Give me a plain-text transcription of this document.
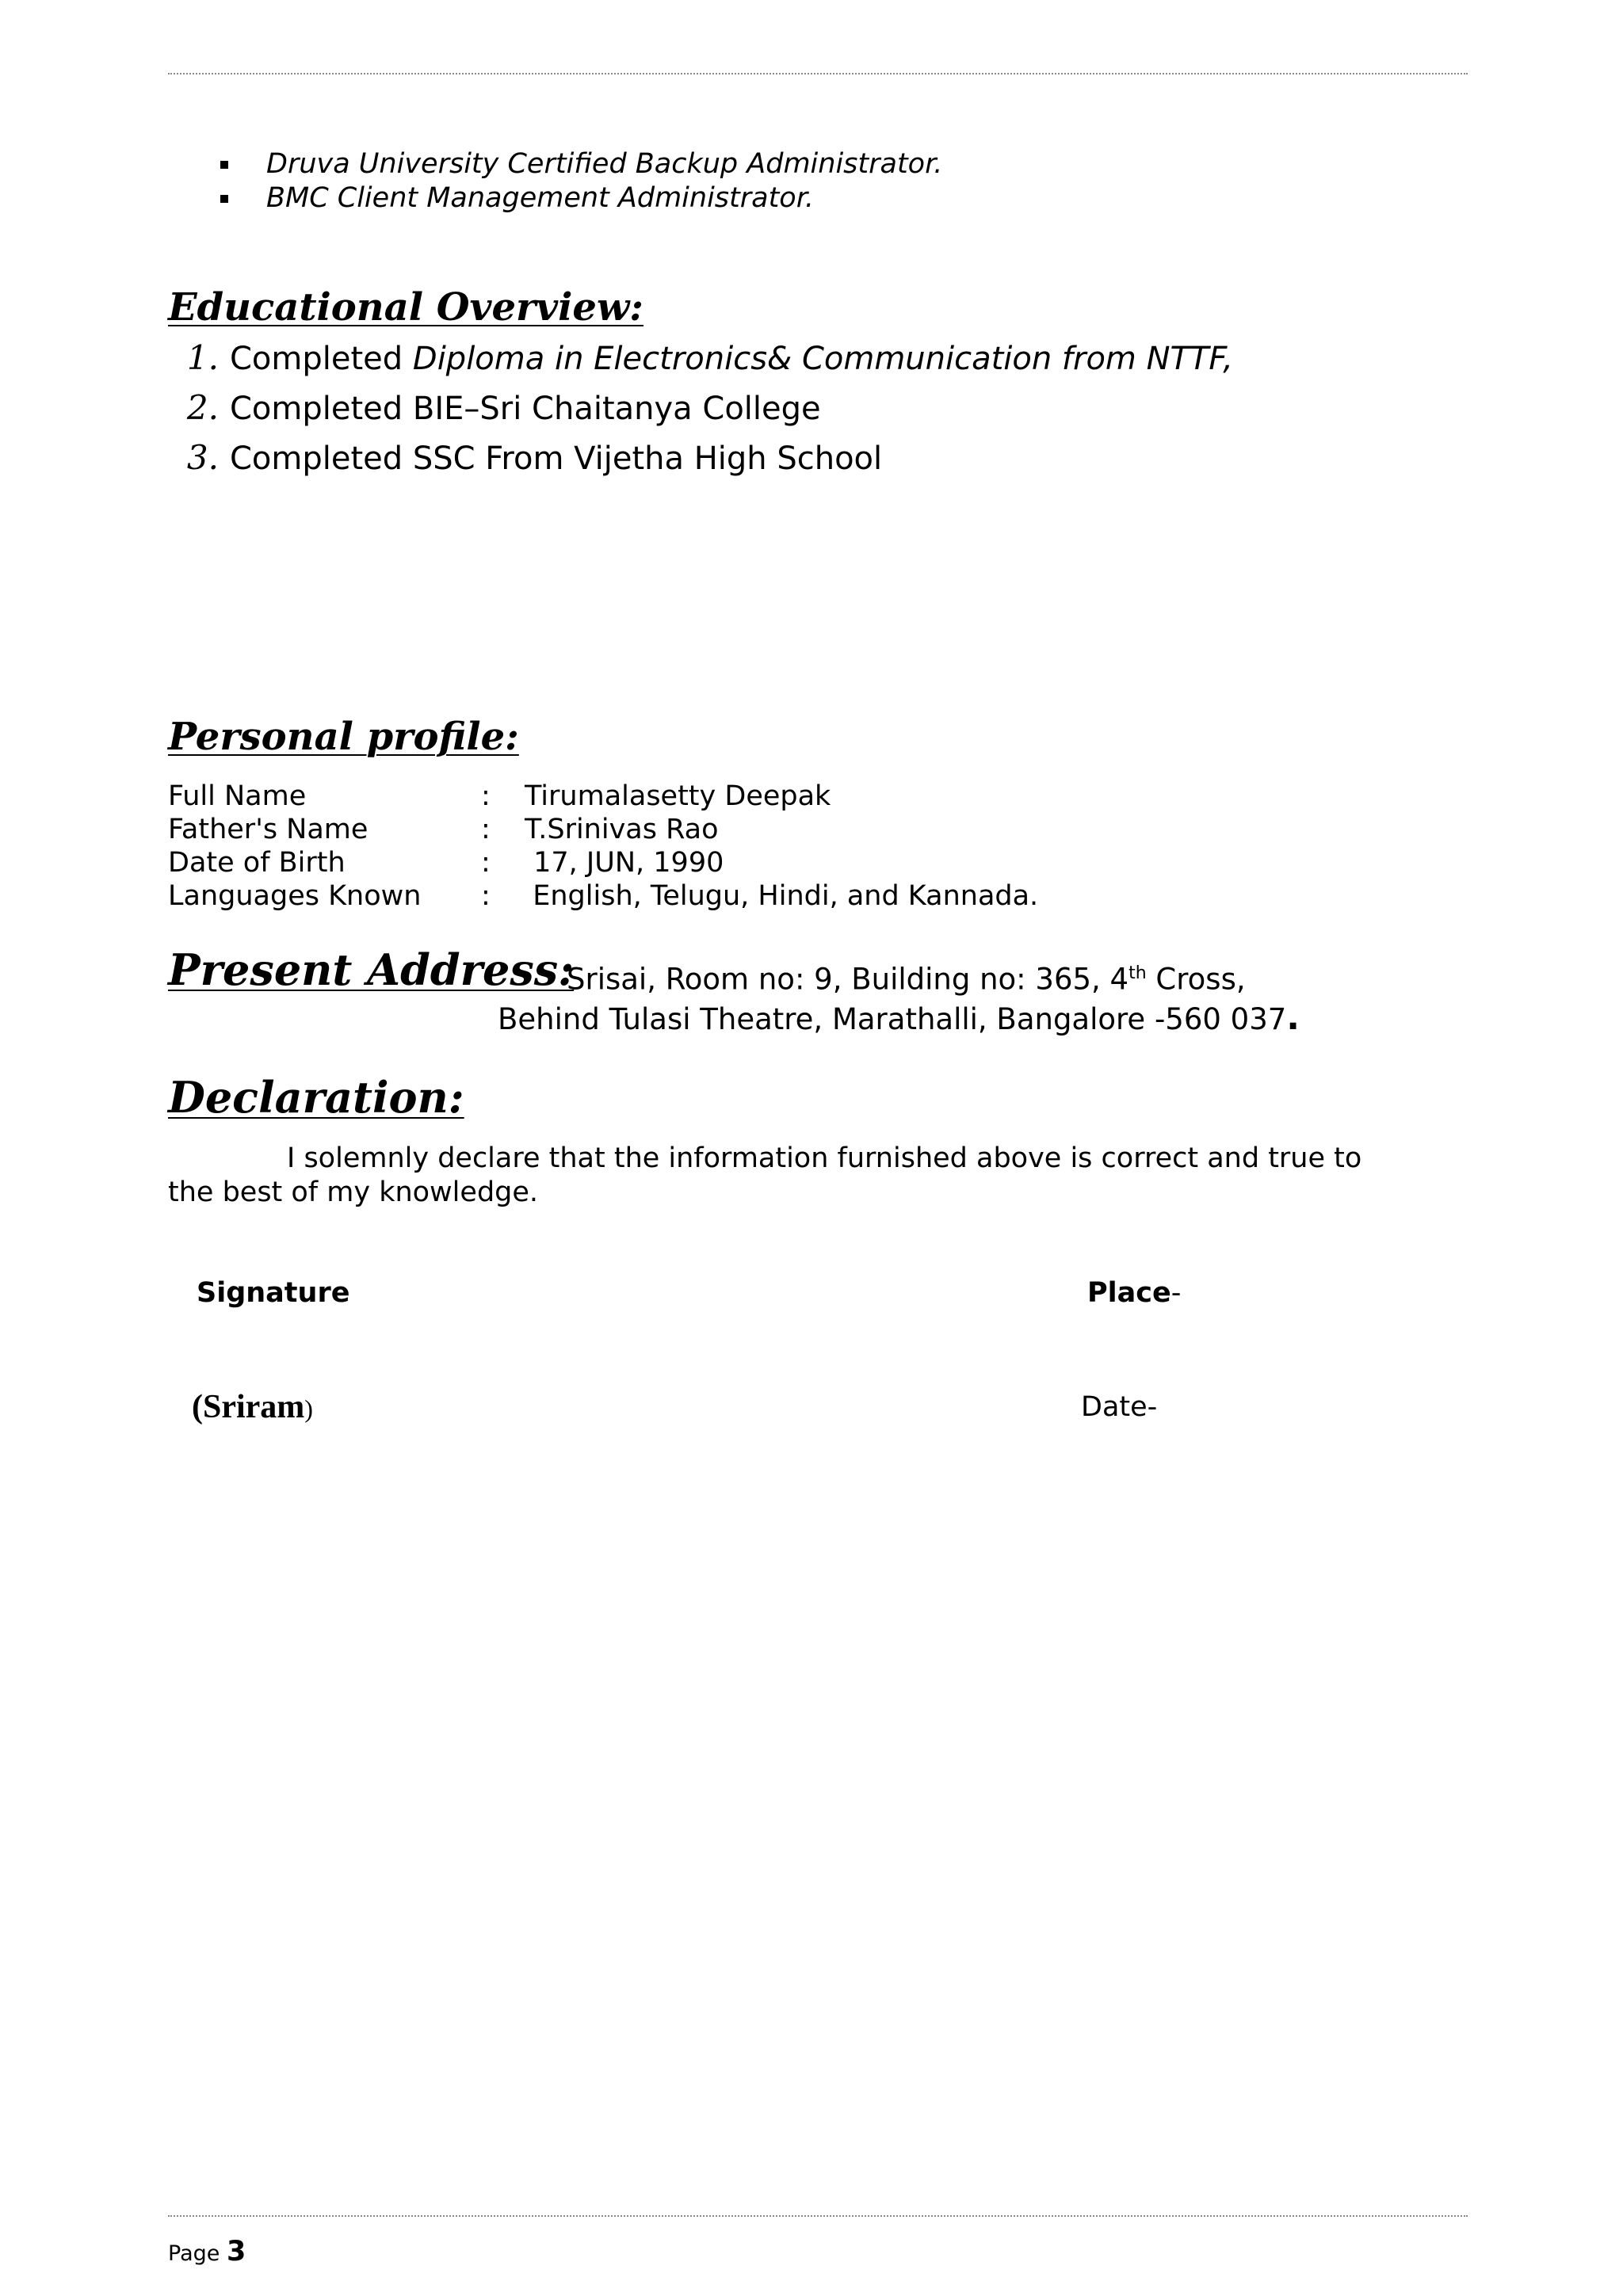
Druva University Certified Backup Administrator.
BMC Client Management Administrator.
Educational Overview:
1. Completed Diploma in Electronics& Communication from NTTF,
2. Completed BIE–Sri Chaitanya College
3. Completed SSC From Vijetha High School
Personal profile:
Full Name	: Tirumalasetty Deepak
Father's Name	: T.Srinivas Rao
Date of Birth	: 17, JUN, 1990
Languages Known :  English, Telugu, Hindi, and Kannada.
Present Address:
Srisai, Room no: 9, Building no: 365, 4th Cross,
Behind Tulasi Theatre, Marathalli, Bangalore -560 037.
Declaration:

I solemnly declare that the information furnished above is correct and true to the best of my knowledge.

Signature	Place-
(Sriram)	Date-
Page 3
